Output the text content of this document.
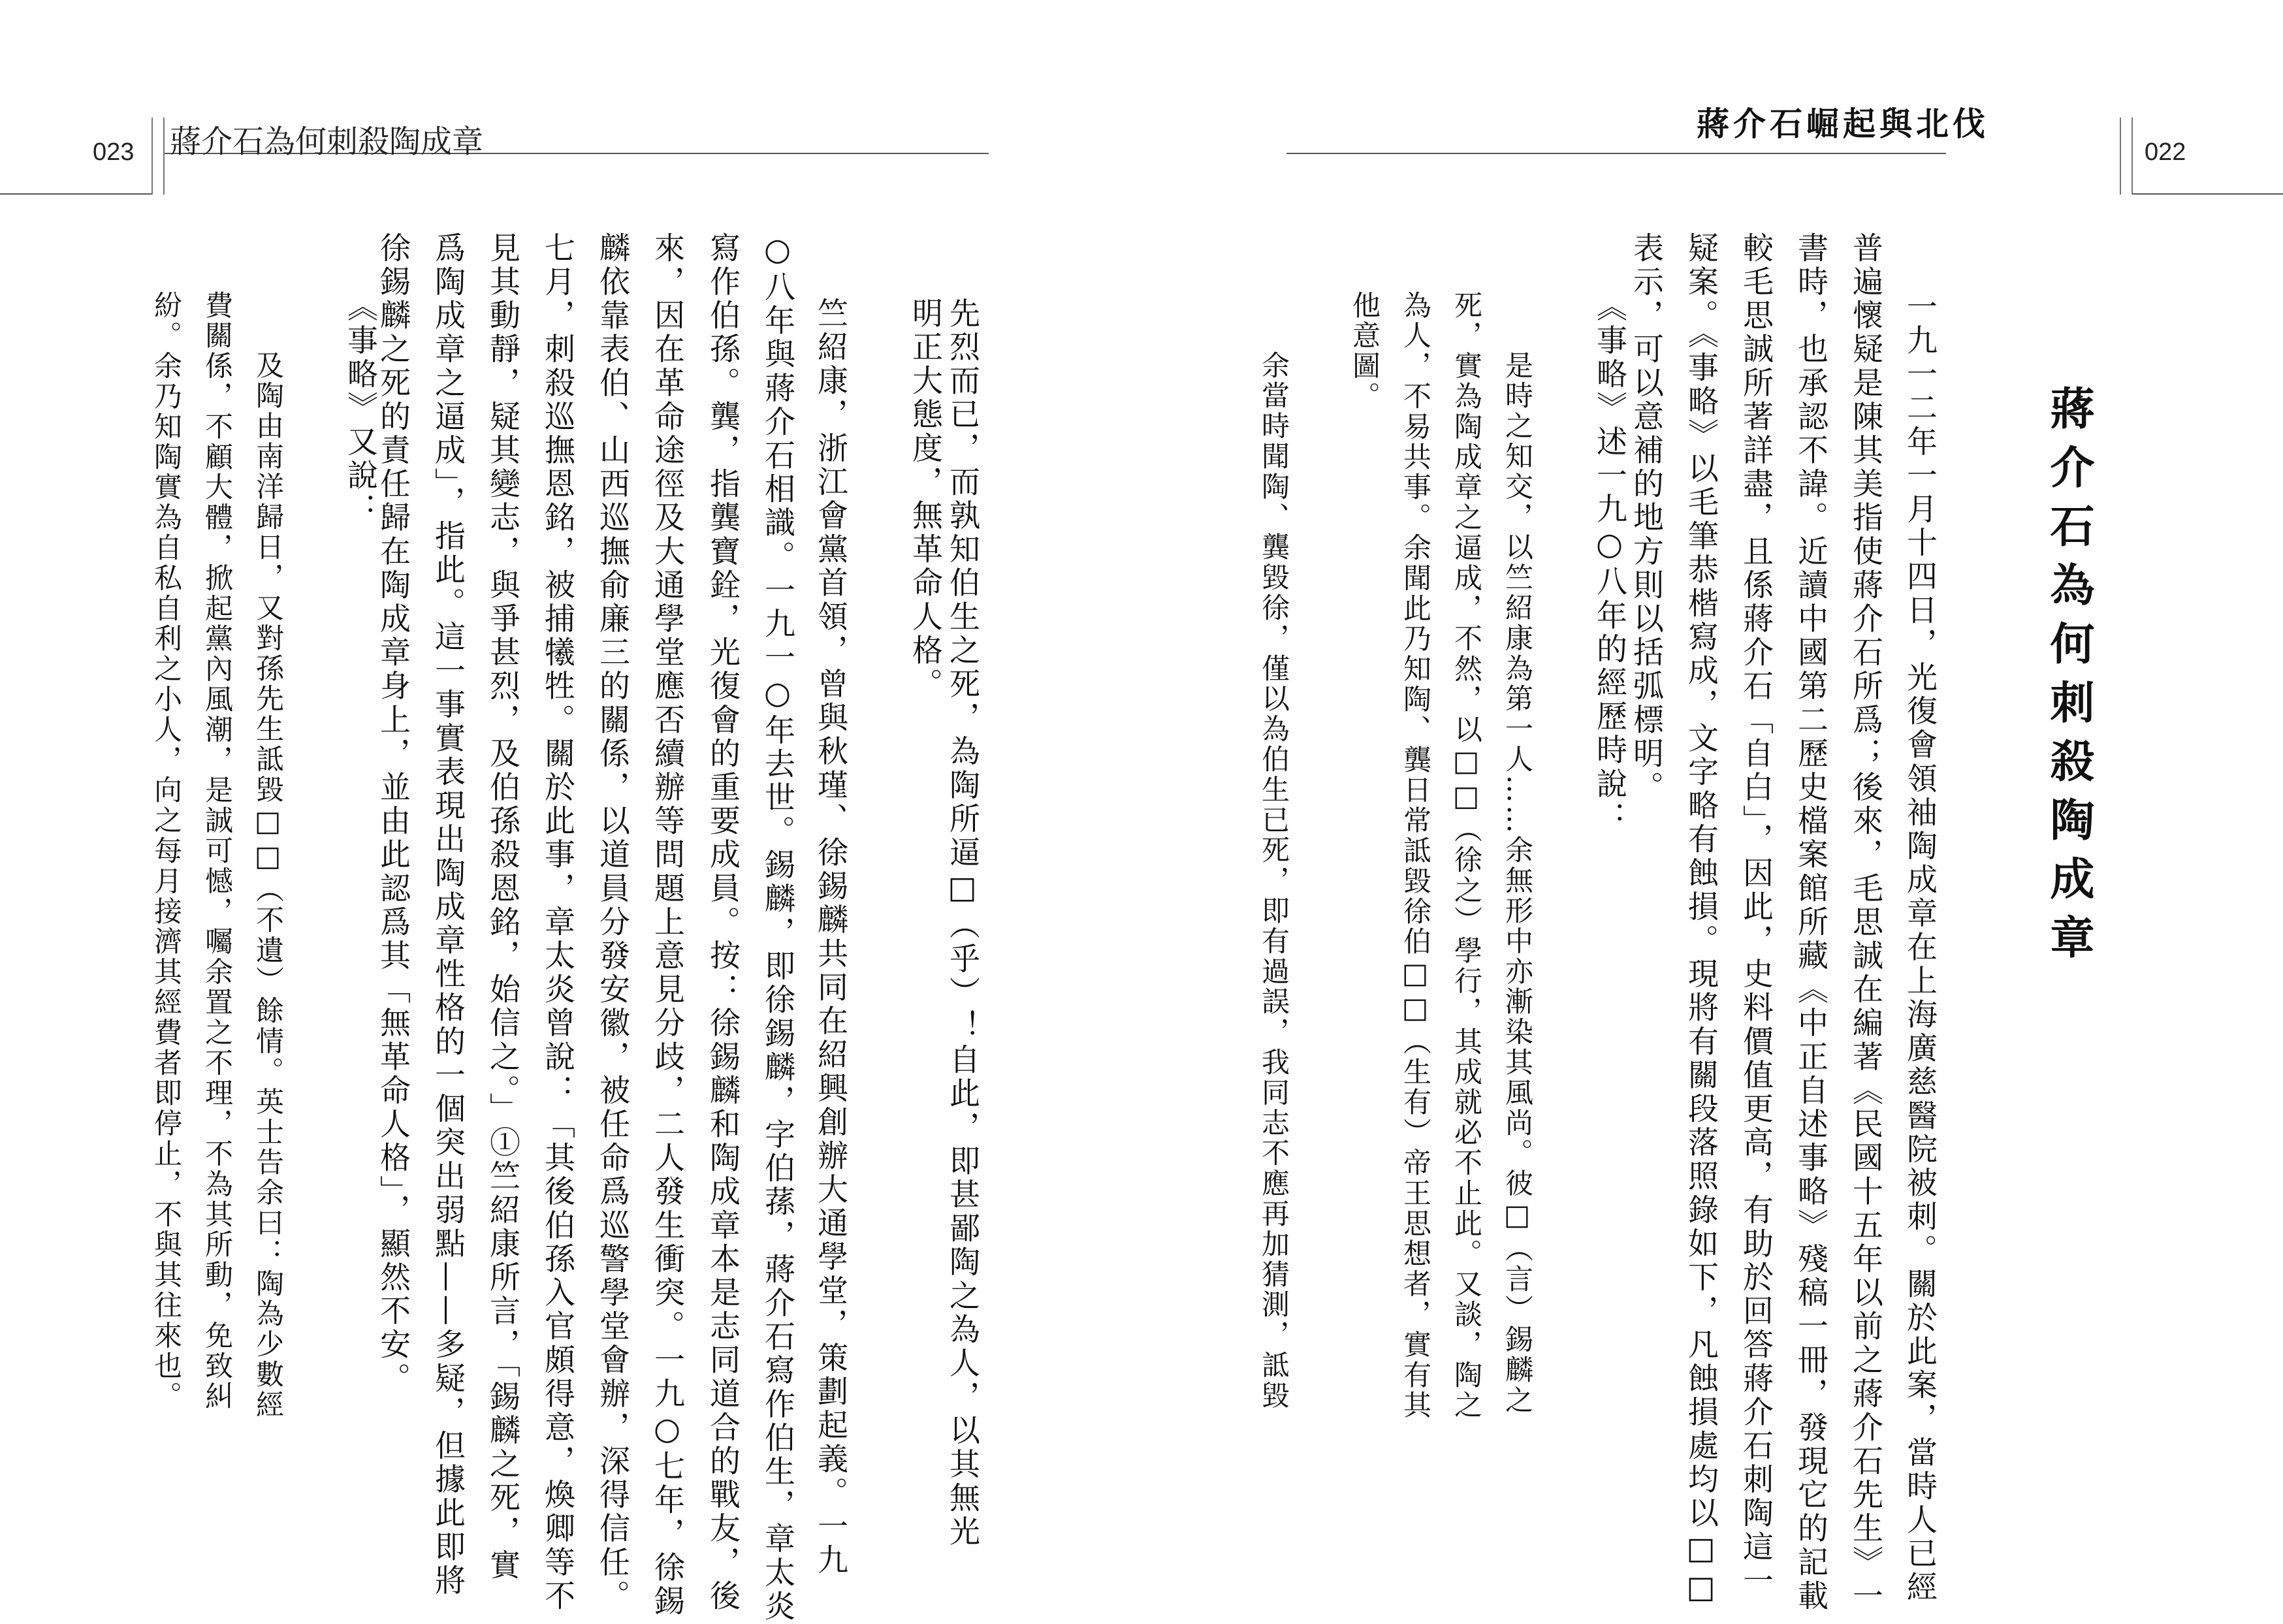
023 蔣介石為何刺殺陶成章
先烈而已，而孰知伯生之死，為陶所逼□（乎）！自此，即甚鄙陶之為人，以其無光
明正大態度，無革命人格。
竺紹康，浙江會黨首領，曾與秋瑾、徐錫麟共同在紹興創辦大通學堂，策劃起義。一九
○八年與蔣介石相識。一九一○年去世。錫麟，即徐錫麟，字伯蓀，蔣介石寫作伯生，章太炎
寫作伯孫。龔，指龔寶銓，光復會的重要成員。按：徐錫麟和陶成章本是志同道合的戰友，後
來，因在革命途徑及大通學堂應否續辦等問題上意見分歧，二人發生衝突。一九○七年，徐錫
麟依靠表伯、山西巡撫俞廉三的關係，以道員分發安徽，被任命爲巡警學堂會辦，深得信任。
七月，刺殺巡撫恩銘，被捕犧牲。關於此事，章太炎曾說：「其後伯孫入官頗得意，煥卿等不
見其動靜，疑其變志，與爭甚烈，及伯孫殺恩銘，始信之。」①竺紹康所言，「錫麟之死，實
爲陶成章之逼成」，指此。這一事實表現出陶成章性格的一個突出弱點——多疑，但據此即將
徐錫麟之死的責任歸在陶成章身上，並由此認爲其「無革命人格」，顯然不安。
《事略》又說：
及陶由南洋歸日，又對孫先生詆毀□□（不遺）餘情。英士告余曰：陶為少數經
費關係，不顧大體，掀起黨內風潮，是誠可憾，囑余置之不理，不為其所動，免致糾
紛。余乃知陶實為自私自利之小人，向之每月接濟其經費者即停止，不與其往來也。
蔣介石崛起與北伐
022
蔣介石為何刺殺陶成章
一九一二年一月十四日，光復會領袖陶成章在上海廣慈醫院被刺。關於此案，當時人已經
普遍懷疑是陳其美指使蔣介石所爲；後來，毛思誠在編著《民國十五年以前之蔣介石先生》一
書時，也承認不諱。近讀中國第二歷史檔案館所藏《中正自述事略》殘稿一冊，發現它的記載
較毛思誠所著詳盡，且係蔣介石「自白」，因此，史料價值更高，有助於回答蔣介石刺陶這一
疑案。《事略》以毛筆恭楷寫成，文字略有蝕損。現將有關段落照錄如下，凡蝕損處均以□□
表示，可以意補的地方則以括弧標明。
《事略》述一九○八年的經歷時說：
是時之知交，以竺紹康為第一人……余無形中亦漸染其風尚。彼□（言）錫麟之
死，實為陶成章之逼成，不然，以□□（徐之）學行，其成就必不止此。又談，陶之
為人，不易共事。余聞此乃知陶、龔日常詆毀徐伯□□（生有）帝王思想者，實有其
他意圖。
余當時聞陶、龔毀徐，僅以為伯生已死，即有過誤，我同志不應再加猜測，詆毀
